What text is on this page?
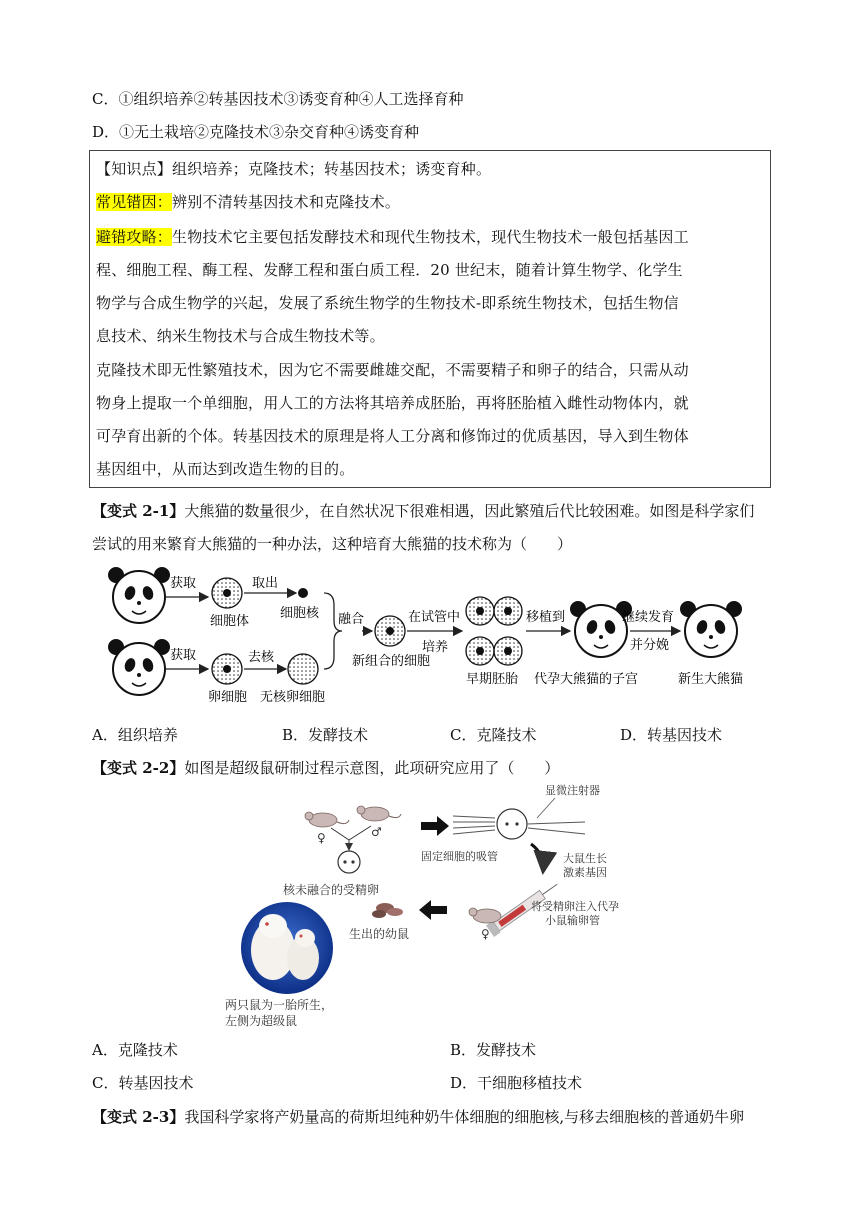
C．①组织培养②转基因技术③诱变育种④人工选择育种
D．①无土栽培②克隆技术③杂交育种④诱变育种
【知识点】组织培养；克隆技术；转基因技术；诱变育种。
常见错因：辨别不清转基因技术和克隆技术。
避错攻略：生物技术它主要包括发酵技术和现代生物技术，现代生物技术一般包括基因工
程、细胞工程、酶工程、发酵工程和蛋白质工程．20 世纪末，随着计算生物学、化学生
物学与合成生物学的兴起，发展了系统生物学的生物技术-即系统生物技术，包括生物信
息技术、纳米生物技术与合成生物技术等。
克隆技术即无性繁殖技术，因为它不需要雌雄交配，不需要精子和卵子的结合，只需从动
物身上提取一个单细胞，用人工的方法将其培养成胚胎，再将胚胎植入雌性动物体内，就
可孕育出新的个体。转基因技术的原理是将人工分离和修饰过的优质基因，导入到生物体
基因组中，从而达到改造生物的目的。
【变式 2-1】大熊猫的数量很少，在自然状况下很难相遇，因此繁殖后代比较困难。如图是科学家们
尝试的用来繁育大熊猫的一种办法，这种培育大熊猫的技术称为（　　）
获取
细胞体
取出
细胞核
获取
卵细胞
去核
无核卵细胞
融合
新组合的细胞
在试管中
培养
早期胚胎
移植到
代孕大熊猫的子宫
继续发育
并分娩
新生大熊猫
A．组织培养	B．发酵技术	C．克隆技术	D．转基因技术
【变式 2-2】如图是超级鼠研制过程示意图，此项研究应用了（　　）
♀	♂
核未融合的受精卵
显微注射器
固定细胞的吸管	大鼠生长
激素基因
♀
将受精卵注入代孕
小鼠输卵管
生出的幼鼠
两只鼠为一胎所生，
左侧为超级鼠
A．克隆技术	B．发酵技术
C．转基因技术	D．干细胞移植技术
【变式 2-3】我国科学家将产奶量高的荷斯坦纯种奶牛体细胞的细胞核,与移去细胞核的普通奶牛卵
